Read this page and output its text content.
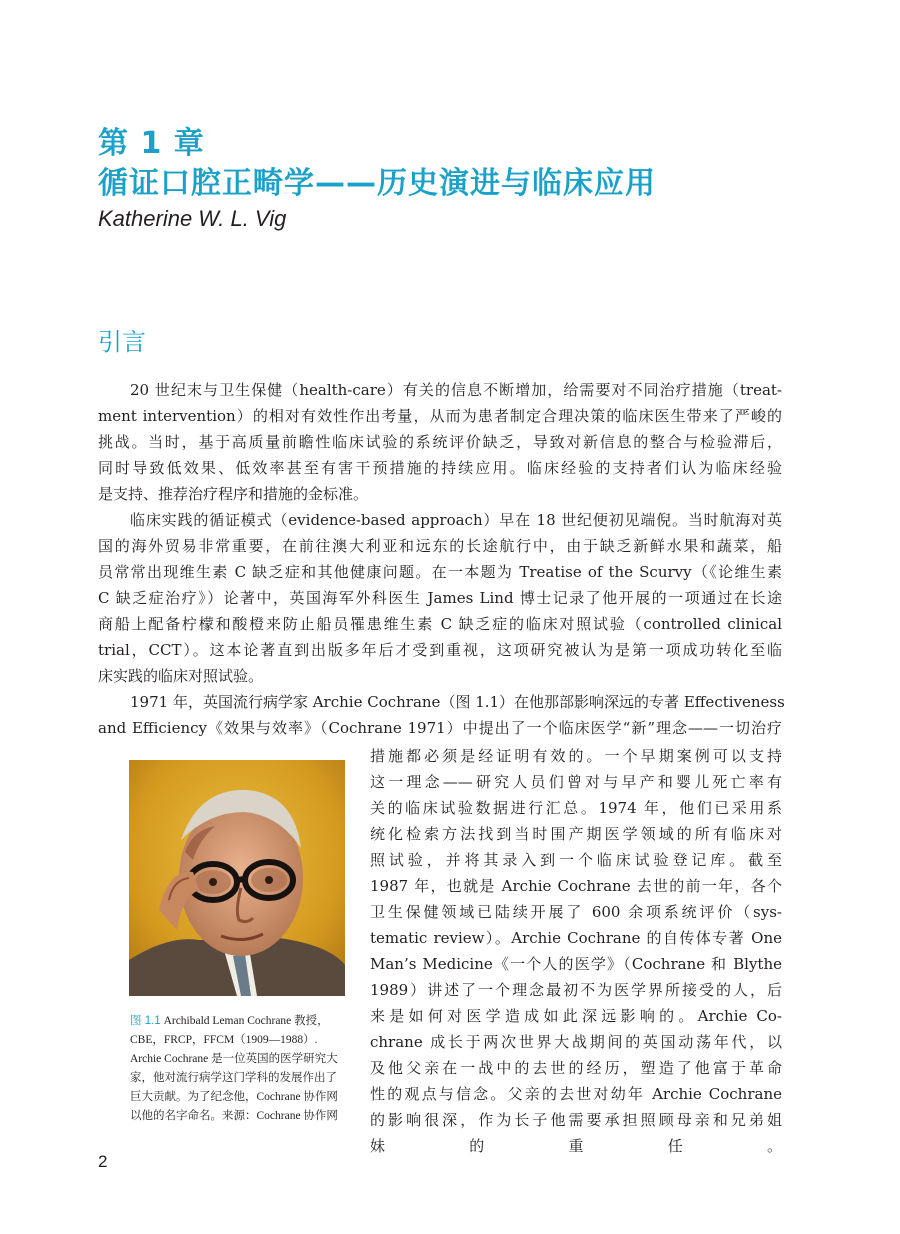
第 1 章
循证口腔正畸学——历史演进与临床应用
Katherine W. L. Vig
引言
20 世纪末与卫生保健（health-care）有关的信息不断增加，给需要对不同治疗措施（treat-
ment intervention）的相对有效性作出考量，从而为患者制定合理决策的临床医生带来了严峻的
挑战。当时，基于高质量前瞻性临床试验的系统评价缺乏，导致对新信息的整合与检验滞后，
同时导致低效果、低效率甚至有害干预措施的持续应用。临床经验的支持者们认为临床经验
是支持、推荐治疗程序和措施的金标准。
临床实践的循证模式（evidence-based approach）早在 18 世纪便初见端倪。当时航海对英
国的海外贸易非常重要，在前往澳大利亚和远东的长途航行中，由于缺乏新鲜水果和蔬菜，船
员常常出现维生素 C 缺乏症和其他健康问题。在一本题为 Treatise of the Scurvy（《论维生素
C 缺乏症治疗》）论著中，英国海军外科医生 James Lind 博士记录了他开展的一项通过在长途
商船上配备柠檬和酸橙来防止船员罹患维生素 C 缺乏症的临床对照试验（controlled clinical
trial，CCT）。这本论著直到出版多年后才受到重视，这项研究被认为是第一项成功转化至临
床实践的临床对照试验。
1971 年，英国流行病学家 Archie Cochrane（图 1.1）在他那部影响深远的专著 Effectiveness
and Efficiency《效果与效率》（Cochrane 1971）中提出了一个临床医学“新”理念——一切治疗
措施都必须是经证明有效的。一个早期案例可以支持
这一理念——研究人员们曾对与早产和婴儿死亡率有
关的临床试验数据进行汇总。1974 年，他们已采用系
统化检索方法找到当时围产期医学领域的所有临床对
照试验，并将其录入到一个临床试验登记库。截至
1987 年，也就是 Archie Cochrane 去世的前一年，各个
卫生保健领域已陆续开展了 600 余项系统评价（sys-
tematic review）。Archie Cochrane 的自传体专著 One
Man’s Medicine《一个人的医学》（Cochrane 和 Blythe
1989）讲述了一个理念最初不为医学界所接受的人，后
来是如何对医学造成如此深远影响的。Archie Co-
chrane 成长于两次世界大战期间的英国动荡年代，以
及他父亲在一战中的去世的经历，塑造了他富于革命
性的观点与信念。父亲的去世对幼年 Archie Cochrane
的影响很深，作为长子他需要承担照顾母亲和兄弟姐
妹的重任。
图 1.1 Archibald Leman Cochrane 教授，CBE，FRCP，FFCM（1909—1988）. Archie Cochrane 是一位英国的医学研究大家，他对流行病学这门学科的发展作出了巨大贡献。为了纪念他，Cochrane 协作网以他的名字命名。来源：Cochrane 协作网
2
